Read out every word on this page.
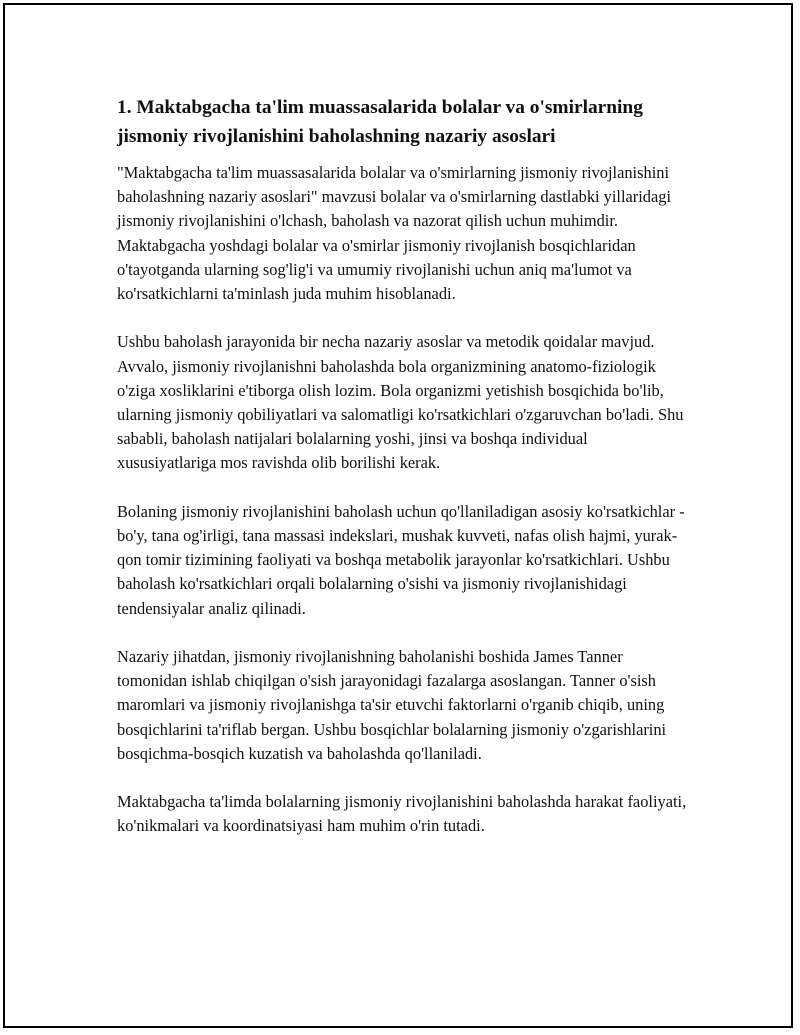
1. Maktabgacha ta'lim muassasalarida bolalar va o'smirlarning jismoniy rivojlanishini baholashning nazariy asoslari

"Maktabgacha ta'lim muassasalarida bolalar va o'smirlarning jismoniy rivojlanishini baholashning nazariy asoslari" mavzusi bolalar va o'smirlarning dastlabki yillaridagi jismoniy rivojlanishini o'lchash, baholash va nazorat qilish uchun muhimdir. Maktabgacha yoshdagi bolalar va o'smirlar jismoniy rivojlanish bosqichlaridan o'tayotganda ularning sog'lig'i va umumiy rivojlanishi uchun aniq ma'lumot va ko'rsatkichlarni ta'minlash juda muhim hisoblanadi.

Ushbu baholash jarayonida bir necha nazariy asoslar va metodik qoidalar mavjud. Avvalo, jismoniy rivojlanishni baholashda bola organizmining anatomo-fiziologik o'ziga xosliklarini e'tiborga olish lozim. Bola organizmi yetishish bosqichida bo'lib, ularning jismoniy qobiliyatlari va salomatligi ko'rsatkichlari o'zgaruvchan bo'ladi. Shu sababli, baholash natijalari bolalarning yoshi, jinsi va boshqa individual xususiyatlariga mos ravishda olib borilishi kerak.

Bolaning jismoniy rivojlanishini baholash uchun qo'llaniladigan asosiy ko'rsatkichlar - bo'y, tana og'irligi, tana massasi indekslari, mushak kuvveti, nafas olish hajmi, yurak-qon tomir tizimining faoliyati va boshqa metabolik jarayonlar ko'rsatkichlari. Ushbu baholash ko'rsatkichlari orqali bolalarning o'sishi va jismoniy rivojlanishidagi tendensiyalar analiz qilinadi.

Nazariy jihatdan, jismoniy rivojlanishning baholanishi boshida James Tanner tomonidan ishlab chiqilgan o'sish jarayonidagi fazalarga asoslangan. Tanner o'sish maromlari va jismoniy rivojlanishga ta'sir etuvchi faktorlarni o'rganib chiqib, uning bosqichlarini ta'riflab bergan. Ushbu bosqichlar bolalarning jismoniy o'zgarishlarini bosqichma-bosqich kuzatish va baholashda qo'llaniladi.

Maktabgacha ta'limda bolalarning jismoniy rivojlanishini baholashda harakat faoliyati, ko'nikmalari va koordinatsiyasi ham muhim o'rin tutadi.
